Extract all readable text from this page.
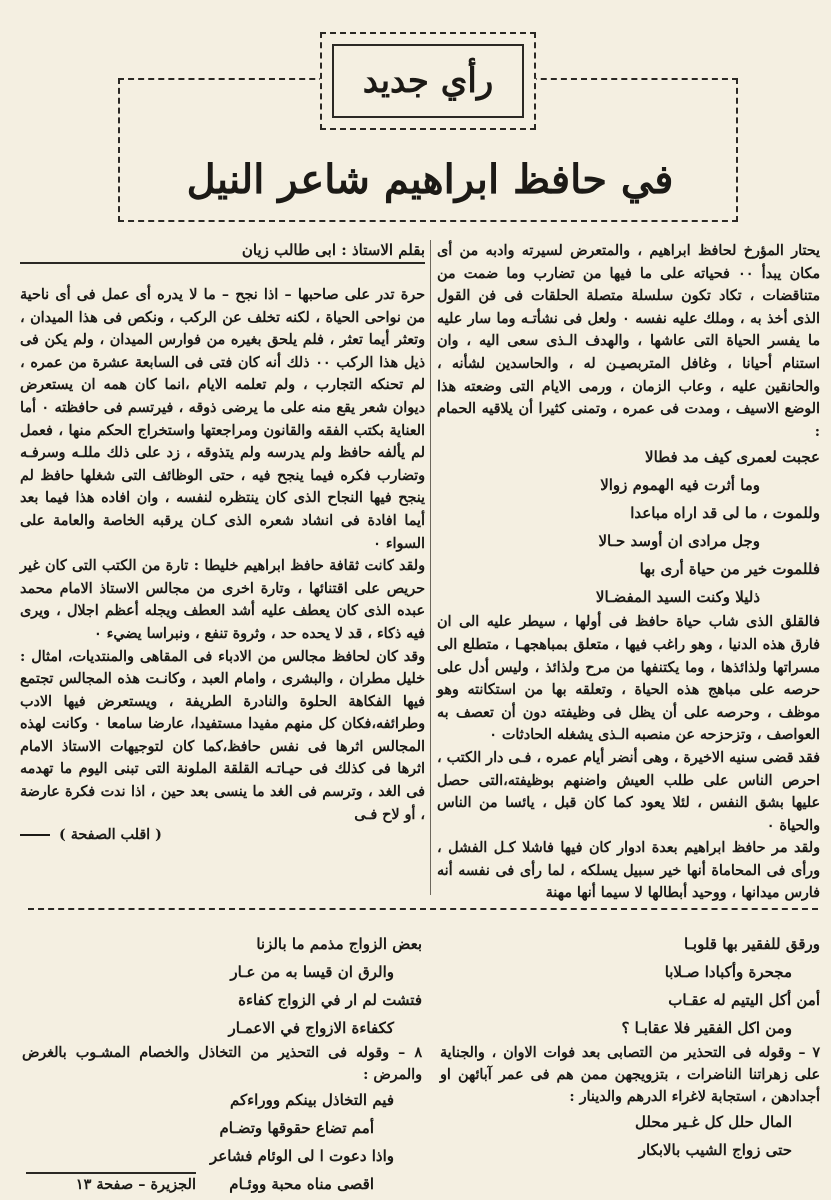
رأي جديد
في حافظ ابراهيم شاعر النيل
بقلم الاستاذ : ابى طالب زيان

حرة تدر على صاحبها – اذا نجح – ما لا يدره أى عمل فى أى ناحية من نواحى الحياة ، لكنه تخلف عن الركب ، ونكص فى هذا الميدان ، وتعثر أيما تعثر ، فلم يلحق بغيره من فوارس الميدان ، ولم يكن فى ذيل هذا الركب ٠٠ ذلك أنه كان فتى فى السابعة عشرة من عمره ، لم تحنكه التجارب ، ولم تعلمه الايام ،انما كان همه ان يستعرض ديوان شعر يقع منه على ما يرضى ذوقه ، فيرتسم فى حافظته ٠ أما العناية بكتب الفقه والقانون ومراجعتها واستخراج الحكم منها ، فعمل لم يألفه حافظ ولم يدرسه ولم يتذوقه ، زد على ذلك مللـه وسرفـه وتضارب فكره فيما ينجح فيه ، حتى الوظائف التى شغلها حافظ لم ينجح فيها النجاح الذى كان ينتظره لنفسه ، وان افاده هذا فيما بعد أيما افادة فى انشاد شعره الذى كـان يرقبه الخاصة والعامة على السواء ٠

ولقد كانت ثقافة حافظ ابراهيم خليطا : تارة من الكتب التى كان غير حريص على اقتنائها ، وتارة اخرى من مجالس الاستاذ الامام محمد عبده الذى كان يعطف عليه أشد العطف ويجله أعظم اجلال ، ويرى فيه ذكاء ، قد لا يحده حد ، وثروة تنفع ، ونبراسا يضيء ٠

وقد كان لحافظ مجالس من الادباء فى المقاهى والمنتديات، امثال : خليل مطران ، والبشرى ، وامام العبد ، وكانـت هذه المجالس تجتمع فيها الفكاهة الحلوة والنادرة الطريفة ، ويستعرض فيها الادب وطرائفه،فكان كل منهم مفيدا مستفيدا، عارضا سامعا ٠ وكانت لهذه المجالس اثرها فى نفس حافظ،كما كان لتوجيهات الاستاذ الامام اثرها فى كذلك فى حيـاتـه القلقة الملونة التى تبنى اليوم ما تهدمه فى الغد ، وترسم فى الغد ما ينسى بعد حين ، اذا ندت فكرة عارضة ، أو لاح فـى

( اقلب الصفحة )

يحتار المؤرخ لحافظ ابراهيم ، والمتعرض لسيرته وادبه من أى مكان يبدأ ٠٠ فحياته على ما فيها من تضارب وما ضمت من متناقضات ، تكاد تكون سلسلة متصلة الحلقات فى فن القول الذى أخذ به ، وملك عليه نفسه ٠ ولعل فى نشأتـه وما سار عليه ما يفسر الحياة التى عاشها ، والهدف الـذى سعى اليه ، وان استنام أحيانا ، وغافل المتربصيـن له ، والحاسدين لشأنه ، والحانقين عليه ، وعاب الزمان ، ورمى الايام التى وضعته هذا الوضع الاسيف ، ومدت فى عمره ، وتمنى كثيرا أن يلاقيه الحمام :

عجبت لعمرى كيف مد فطالا
وما أثرت فيه الهموم زوالا
وللموت ، ما لى قد اراه مباعدا
وجل مرادى ان أوسد حـالا
فللموت خير من حياة أرى بها
ذليلا وكنت السيد المفضـالا

فالقلق الذى شاب حياة حافظ فى أولها ، سيطر عليه الى ان فارق هذه الدنيا ، وهو راغب فيها ، متعلق بمباهجهـا ، متطلع الى مسراتها ولذائذها ، وما يكتنفها من مرح ولذائذ ، وليس أدل على حرصه على مباهج هذه الحياة ، وتعلقه بها من استكانته وهو موظف ، وحرصه على أن يظل فى وظيفته دون أن تعصف به العواصف ، وتزحزحه عن منصبه الـذى يشغله الحادثات ٠

فقد قضى سنيه الاخيرة ، وهى أنضر أيام عمره ، فـى دار الكتب ، احرص الناس على طلب العيش واضنهم بوظيفته،التى حصل عليها بشق النفس ، لئلا يعود كما كان قبل ، يائسا من الناس والحياة ٠

ولقد مر حافظ ابراهيم بعدة ادوار كان فيها فاشلا كـل الفشل ، ورأى فى المحاماة أنها خير سبيل يسلكه ، لما رأى فى نفسه أنه فارس ميدانها ، ووحيد أبطالها لا سيما أنها مهنة

ورقق للفقير بها قلوبـا
مجحرة وأكبادا صـلابا
أمن أكل اليتيم له عقـاب
ومن اكل الفقير فلا عقابـا ؟
٧ – وقوله فى التحذير من التصابى بعد فوات الاوان ، والجناية على زهراتنا الناضرات ، بتزويجهن ممن هم فى عمر آبائهن او أجدادهن ، استجابة لاغراء الدرهم والدينار :
المال حلل كل غـير محلل
حتى زواج الشيب بالابكار
بعض الزواج مذمم ما بالزنا
والرق ان قيسا به من عـار
فتشت لم ار في الزواج كفاءة
ككفاءة الازواج في الاعمـار
٨ – وقوله فى التحذير من التخاذل والخصام المشـوب بالغرض والمرض :
فيم التخاذل بينكم ووراءكم
أمم تضاع حقوقها وتضـام
واذا دعوت ا لى الوئام فشاعر
اقصى مناه محبة ووئـام
الجزيرة – صفحة ١٣
